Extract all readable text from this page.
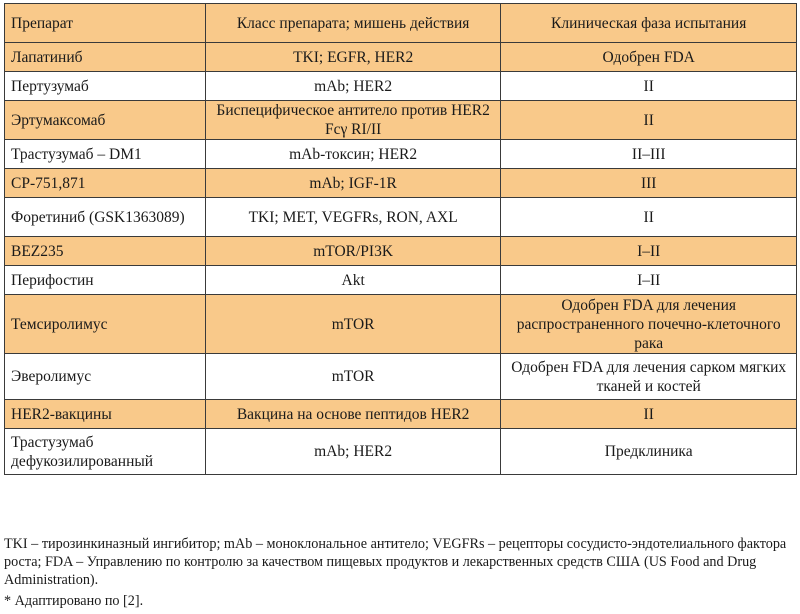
Препарат	Класс препарата; мишень действия	Клиническая фаза испытания
Лапатиниб	TKI; EGFR, HER2	Одобрен FDA
Пертузумаб	mAb; HER2	II
Эртумаксомаб	Биспецифическое антитело против HER2 Fcγ RI/II	II
Трастузумаб – DM1	mAb-токсин; HER2	II–III
CP-751,871	mAb; IGF-1R	III
Форетиниб (GSK1363089)	TKI; MET, VEGFRs, RON, AXL	II
BEZ235	mTOR/PI3K	I–II
Перифостин	Akt	I–II
Темсиролимус	mTOR	Одобрен FDA для лечения распространенного почечно-клеточного рака
Эверолимус	mTOR	Одобрен FDA для лечения сарком мягких тканей и костей
HER2-вакцины	Вакцина на основе пептидов HER2	II
Трастузумаб дефукозилированный	mAb; HER2	Предклиника

TKI – тирозинкиназный ингибитор; mAb – моноклональное антитело; VEGFRs – рецепторы сосудисто-эндотелиального фактора роста; FDA – Управлению по контролю за качеством пищевых продуктов и лекарственных средств США (US Food and Drug Administration).

* Адаптировано по [2].
